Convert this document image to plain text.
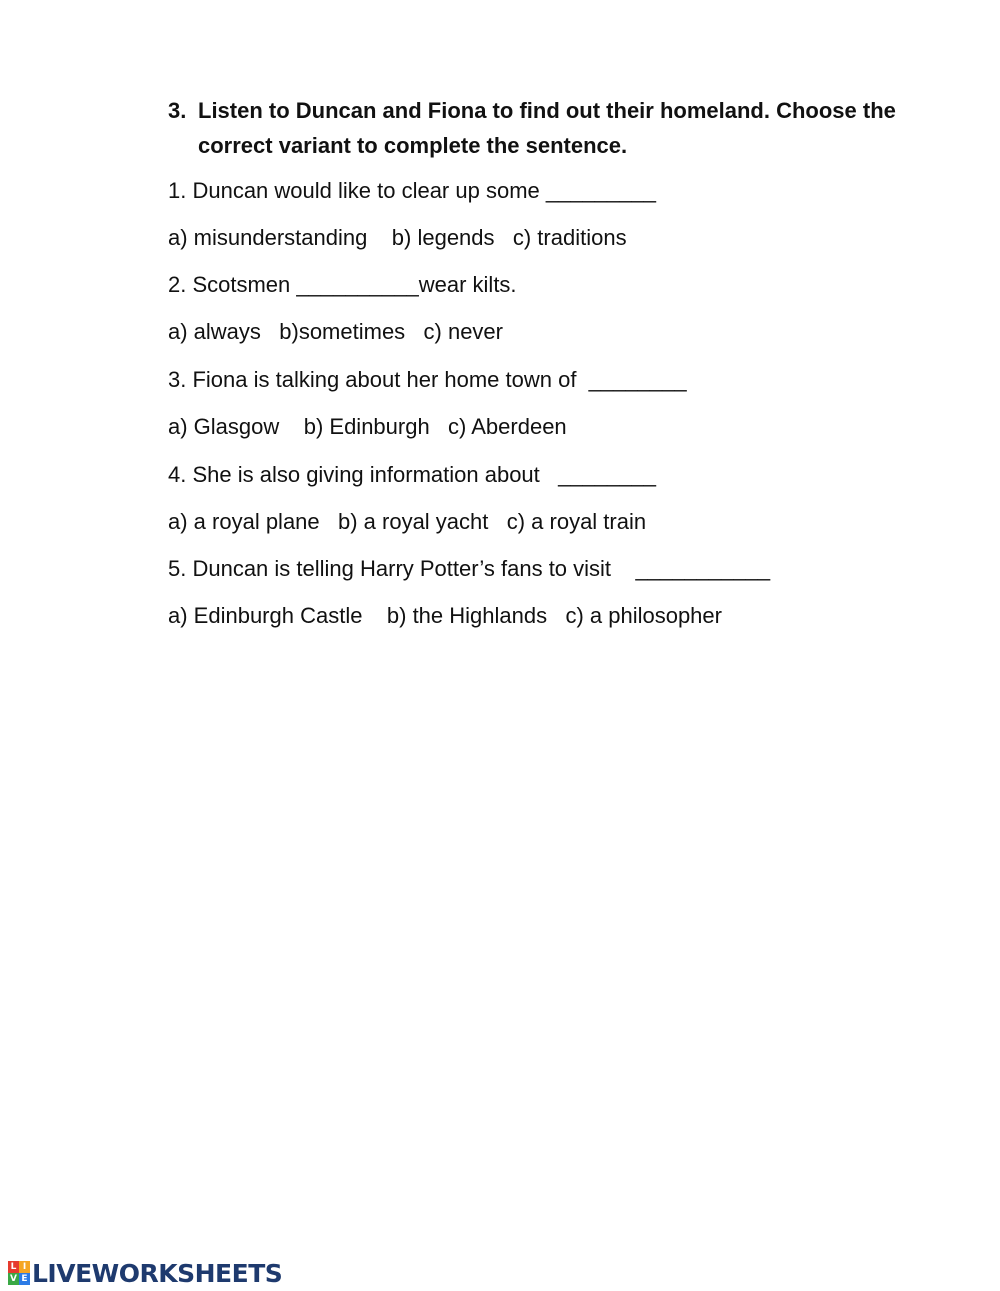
3. Listen to Duncan and Fiona to find out their homeland. Choose the correct variant to complete the sentence.
1. Duncan would like to clear up some _________
a) misunderstanding    b) legends   c) traditions
2. Scotsmen __________wear kilts.
a) always   b)sometimes   c) never
3. Fiona is talking about her home town of  ________
a) Glasgow    b) Edinburgh   c) Aberdeen
4. She is also giving information about   ________
a) a royal plane   b) a royal yacht   c) a royal train
5. Duncan is telling Harry Potter’s fans to visit    ___________
a) Edinburgh Castle    b) the Highlands   c) a philosopher
L I
V E LIVEWORKSHEETS
